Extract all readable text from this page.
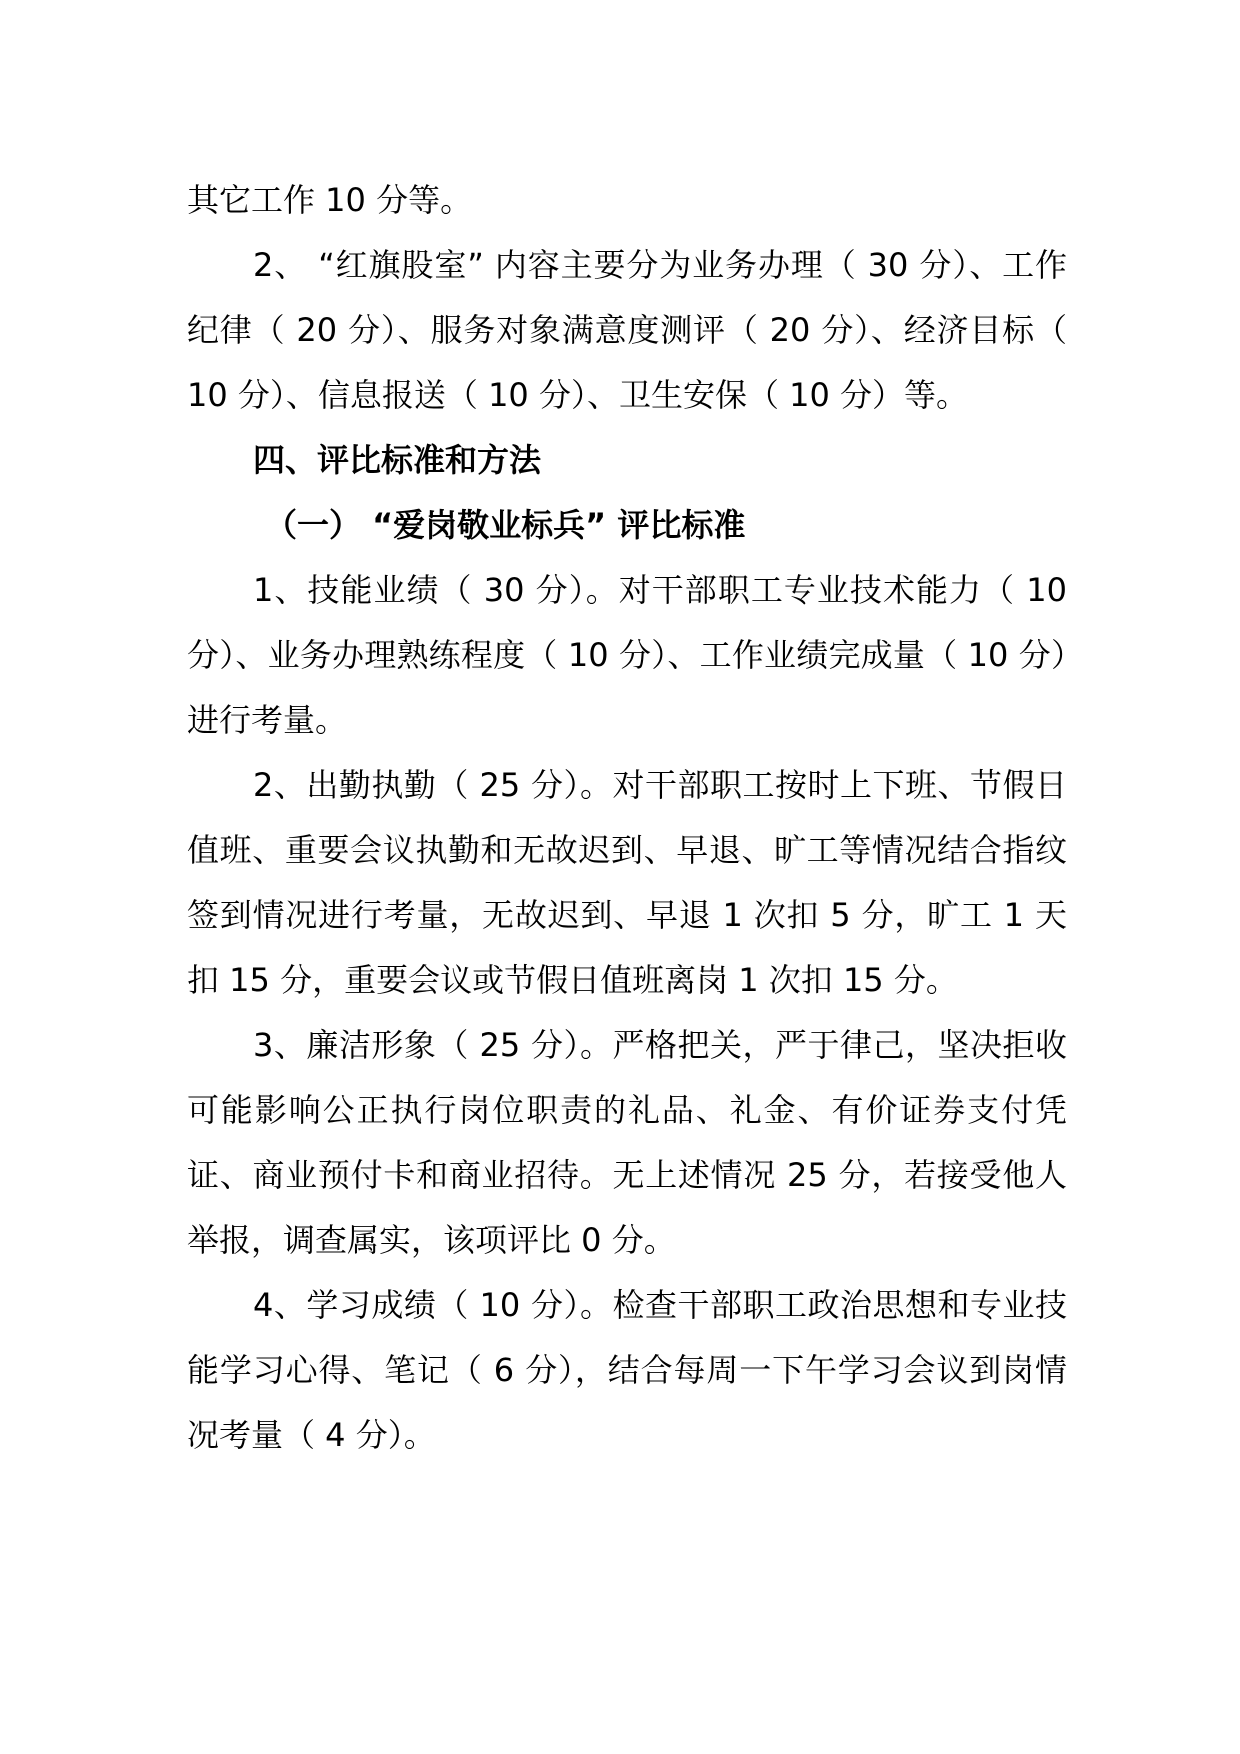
其它工作 10 分等。

2、 “红旗股室” 内容主要分为业务办理（ 30 分）、工作纪律（ 20 分）、服务对象满意度测评（ 20 分）、经济目标（ 10 分）、信息报送（ 10 分）、卫生安保（ 10 分）等。

四、评比标准和方法

（一） “爱岗敬业标兵” 评比标准

1、技能业绩（ 30 分）。对干部职工专业技术能力（ 10 分）、业务办理熟练程度（ 10 分）、工作业绩完成量（ 10 分）进行考量。

2、出勤执勤（ 25 分）。对干部职工按时上下班、节假日值班、重要会议执勤和无故迟到、早退、旷工等情况结合指纹签到情况进行考量，无故迟到、早退 1 次扣 5 分，旷工 1 天扣 15 分，重要会议或节假日值班离岗 1 次扣 15 分。

3、廉洁形象（ 25 分）。严格把关，严于律己，坚决拒收可能影响公正执行岗位职责的礼品、礼金、有价证券支付凭证、商业预付卡和商业招待。无上述情况 25 分，若接受他人举报，调查属实，该项评比 0 分。

4、学习成绩（ 10 分）。检查干部职工政治思想和专业技能学习心得、笔记（ 6 分），结合每周一下午学习会议到岗情况考量（ 4 分）。
